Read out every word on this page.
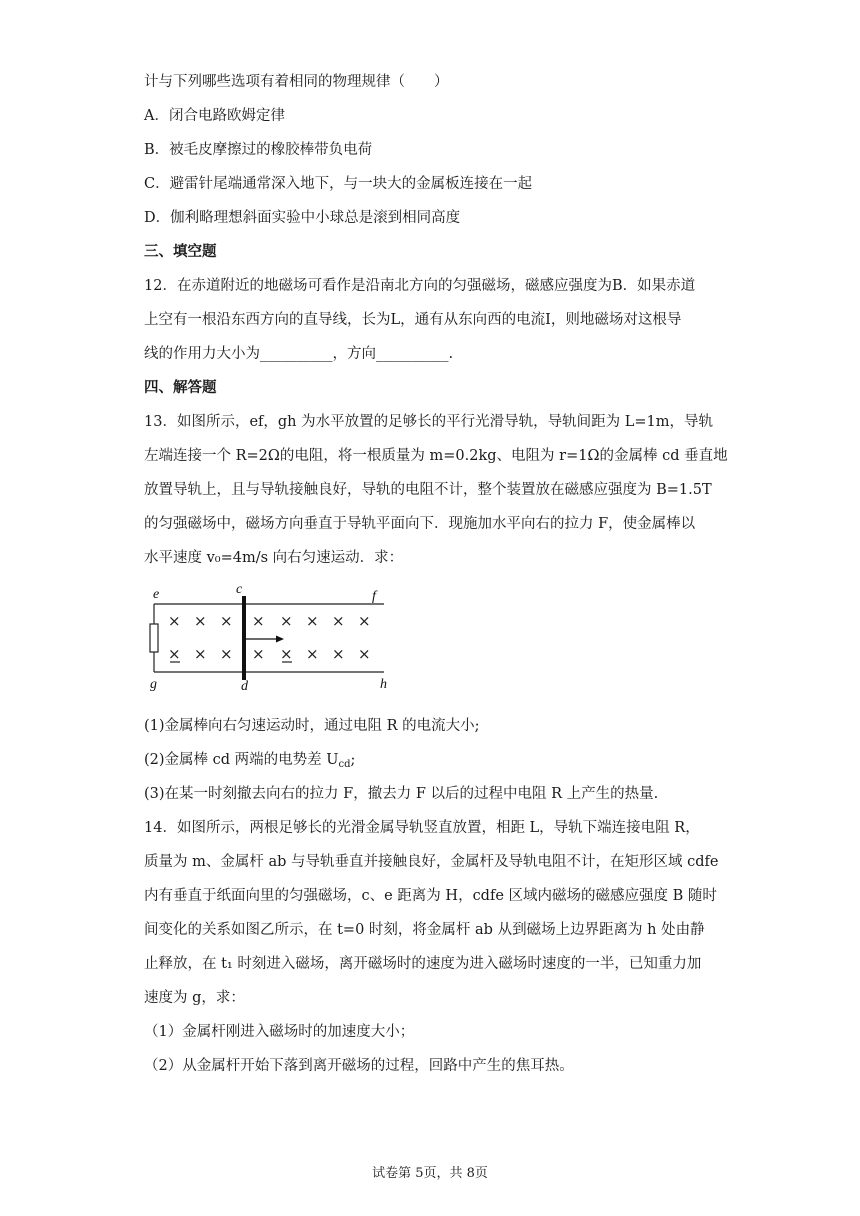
计与下列哪些选项有着相同的物理规律（　　）
A．闭合电路欧姆定律
B．被毛皮摩擦过的橡胶棒带负电荷
C．避雷针尾端通常深入地下，与一块大的金属板连接在一起
D．伽利略理想斜面实验中小球总是滚到相同高度
三、填空题
12．在赤道附近的地磁场可看作是沿南北方向的匀强磁场，磁感应强度为B．如果赤道
上空有一根沿东西方向的直导线，长为L，通有从东向西的电流I，则地磁场对这根导
线的作用力大小为__________，方向__________.
四、解答题
13．如图所示，ef，gh 为水平放置的足够长的平行光滑导轨，导轨间距为 L=1m，导轨
左端连接一个 R=2Ω的电阻，将一根质量为 m=0.2kg、电阻为 r=1Ω的金属棒 cd 垂直地
放置导轨上，且与导轨接触良好，导轨的电阻不计，整个装置放在磁感应强度为 B=1.5T
的匀强磁场中，磁场方向垂直于导轨平面向下．现施加水平向右的拉力 F，使金属棒以
水平速度 v₀=4m/s 向右匀速运动．求：
× × × × × × × ×
× × × × × × × ×
e	c	f
g	d	h
(1)金属棒向右匀速运动时，通过电阻 R 的电流大小;
(2)金属棒 cd 两端的电势差 $U_{cd}$;
(3)在某一时刻撤去向右的拉力 F，撤去力 F 以后的过程中电阻 R 上产生的热量.
14．如图所示，两根足够长的光滑金属导轨竖直放置，相距 L，导轨下端连接电阻 R，
质量为 m、金属杆 ab 与导轨垂直并接触良好，金属杆及导轨电阻不计，在矩形区域 cdfe
内有垂直于纸面向里的匀强磁场，c、e 距离为 H，cdfe 区域内磁场的磁感应强度 B 随时
间变化的关系如图乙所示，在 t=0 时刻，将金属杆 ab 从到磁场上边界距离为 h 处由静
止释放，在 t₁ 时刻进入磁场，离开磁场时的速度为进入磁场时速度的一半，已知重力加
速度为 g，求：
（1）金属杆刚进入磁场时的加速度大小；
（2）从金属杆开始下落到离开磁场的过程，回路中产生的焦耳热。
试卷第 5页，共 8页
